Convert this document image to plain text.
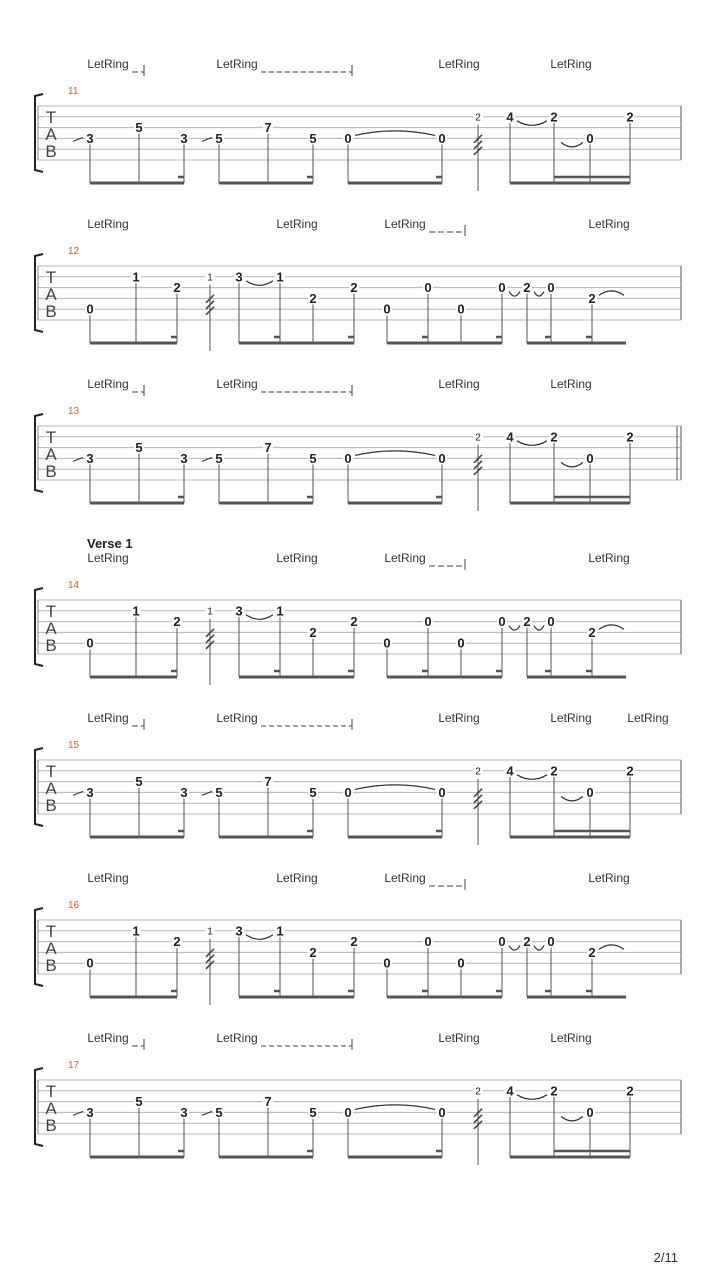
T
A
B
11
LetRing	LetRing	LetRing	LetRing
3
5
3 5
7
5 0	0
2 4	2
0
2
T
A
B
12
LetRing	LetRing	LetRing	LetRing
0
1
2
1 3	1
2
2
0
0
0
0 2 0
2
T
A
B
13
LetRing	LetRing	LetRing	LetRing
3
5
3 5
7
5 0	0
2 4	2
0
2
T
A
B
14
Verse 1
LetRing	LetRing	LetRing	LetRing
0
1
2
1 3	1
2
2
0
0
0
0 2 0
2
T
A
B
15
LetRing	LetRing	LetRing	LetRing	LetRing
3
5
3 5
7
5 0	0
2 4	2
0
2
T
A
B
16
LetRing	LetRing	LetRing	LetRing
0
1
2
1 3	1
2
2
0
0
0
0 2 0
2
T
A
B
17
LetRing	LetRing	LetRing	LetRing
3
5
3 5
7
5 0	0
2 4	2
0
2
2/11
